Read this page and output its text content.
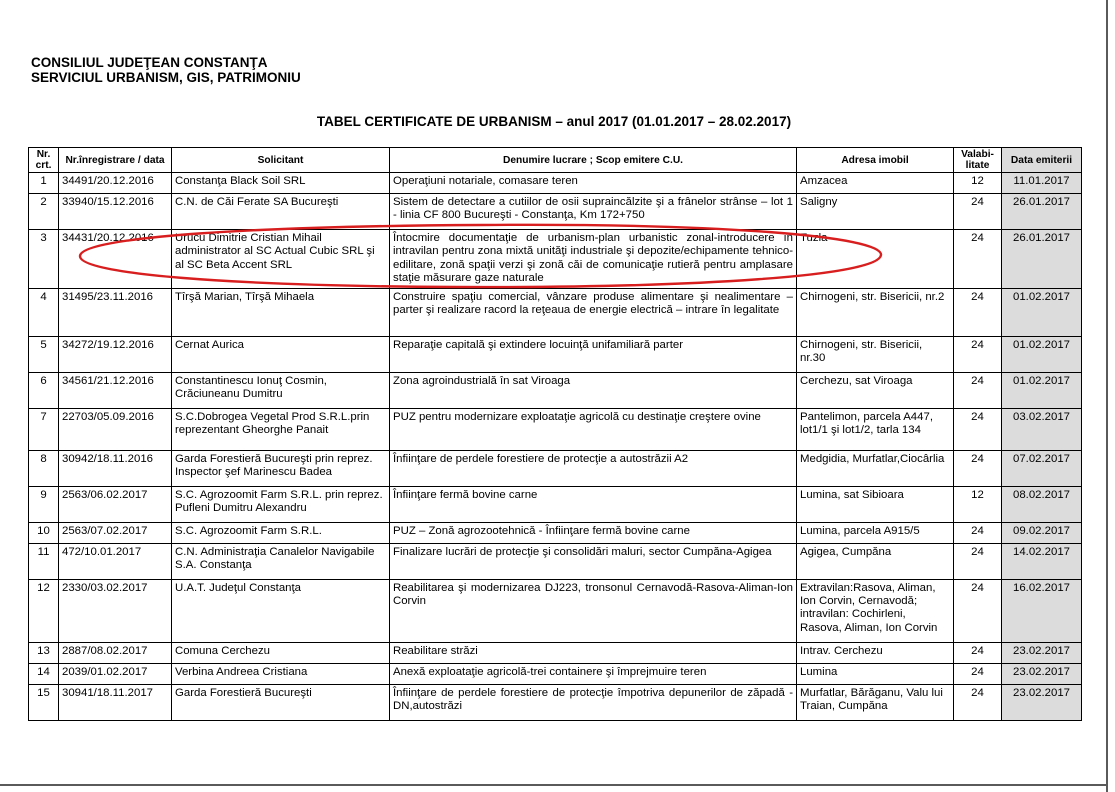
CONSILIUL JUDEŢEAN CONSTANŢA
SERVICIUL URBANISM, GIS, PATRIMONIU
TABEL CERTIFICATE DE URBANISM – anul 2017 (01.01.2017 – 28.02.2017)
Nr. crt.	Nr.înregistrare / data	Solicitant	Denumire lucrare ; Scop emitere C.U.	Adresa imobil	Valabi-litate	Data emiterii
1	34491/20.12.2016	Constanţa Black Soil SRL	Operaţiuni notariale, comasare teren	Amzacea	12	11.01.2017
2	33940/15.12.2016	C.N. de Căi Ferate SA Bucureşti	Sistem de detectare a cutiilor de osii supraincălzite şi a frânelor strânse – lot 1 - linia CF 800 Bucureşti - Constanţa, Km 172+750	Saligny	24	26.01.2017
3	34431/20.12.2016	Urucu Dimitrie Cristian Mihail administrator al SC Actual Cubic SRL şi al SC Beta Accent SRL	Întocmire documentaţie de urbanism-plan urbanistic zonal-introducere în intravilan pentru zona mixtă unităţi industriale şi depozite/echipamente tehnico-edilitare, zonă spaţii verzi şi zonă căi de comunicaţie rutieră pentru amplasare staţie măsurare gaze naturale	Tuzla	24	26.01.2017
4	31495/23.11.2016	Tîrşă Marian, Tîrşă Mihaela	Construire spaţiu comercial, vânzare produse alimentare şi nealimentare – parter şi realizare racord la reţeaua de energie electrică – intrare în legalitate	Chirnogeni, str. Bisericii, nr.2	24	01.02.2017
5	34272/19.12.2016	Cernat Aurica	Reparaţie capitală şi extindere locuinţă unifamiliară parter	Chirnogeni, str. Bisericii, nr.30	24	01.02.2017
6	34561/21.12.2016	Constantinescu Ionuţ Cosmin, Crăciuneanu Dumitru	Zona agroindustrială în sat Viroaga	Cerchezu, sat Viroaga	24	01.02.2017
7	22703/05.09.2016	S.C.Dobrogea Vegetal Prod S.R.L.prin reprezentant Gheorghe Panait	PUZ pentru modernizare exploataţie agricolă cu destinaţie creştere ovine	Pantelimon, parcela A447, lot1/1 şi lot1/2, tarla 134	24	03.02.2017
8	30942/18.11.2016	Garda Forestieră Bucureşti prin reprez. Inspector şef Marinescu Badea	Înfiinţare de perdele forestiere de protecţie a autostrăzii A2	Medgidia, Murfatlar,Ciocârlia	24	07.02.2017
9	2563/06.02.2017	S.C. Agrozoomit Farm S.R.L. prin reprez. Pufleni Dumitru Alexandru	Înfiinţare fermă bovine carne	Lumina, sat Sibioara	12	08.02.2017
10	2563/07.02.2017	S.C. Agrozoomit Farm S.R.L.	PUZ – Zonă agrozootehnică - Înfiinţare fermă bovine carne	Lumina, parcela A915/5	24	09.02.2017
11	472/10.01.2017	C.N. Administraţia Canalelor Navigabile S.A. Constanţa	Finalizare lucrări de protecţie şi consolidări maluri, sector Cumpăna-Agigea	Agigea, Cumpăna	24	14.02.2017
12	2330/03.02.2017	U.A.T. Judeţul Constanţa	Reabilitarea şi modernizarea DJ223, tronsonul Cernavodă-Rasova-Aliman-Ion Corvin	Extravilan:Rasova, Aliman, Ion Corvin, Cernavodă; intravilan: Cochirleni, Rasova, Aliman, Ion Corvin	24	16.02.2017
13	2887/08.02.2017	Comuna Cerchezu	Reabilitare străzi	Intrav. Cerchezu	24	23.02.2017
14	2039/01.02.2017	Verbina Andreea Cristiana	Anexă exploataţie agricolă-trei containere şi împrejmuire teren	Lumina	24	23.02.2017
15	30941/18.11.2017	Garda Forestieră Bucureşti	Înfiinţare de perdele forestiere de protecţie împotriva depunerilor de zăpadă - DN,autostrăzi	Murfatlar, Bărăganu, Valu lui Traian, Cumpăna	24	23.02.2017
